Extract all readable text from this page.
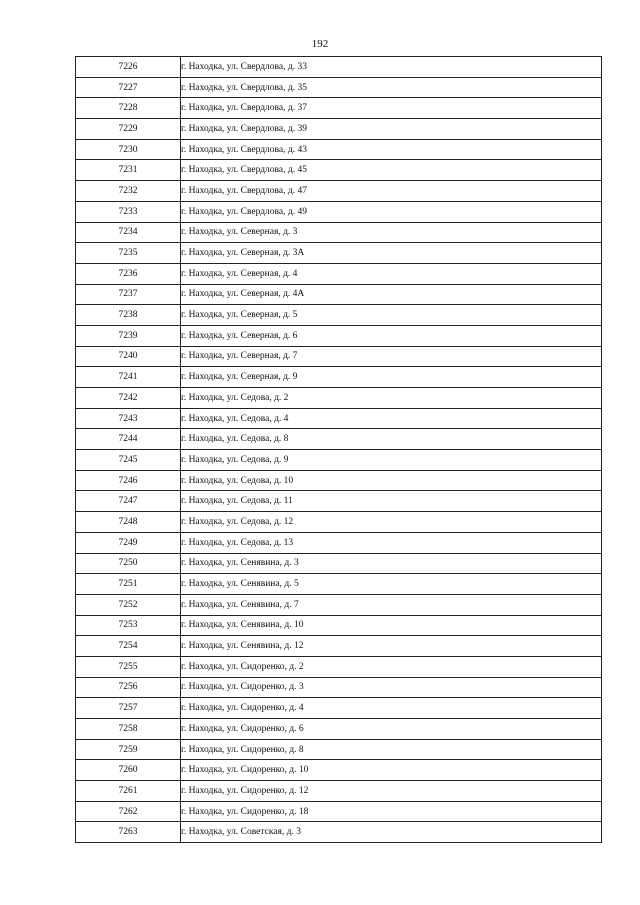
192
7226	г. Находка, ул. Свердлова, д. 33
7227	г. Находка, ул. Свердлова, д. 35
7228	г. Находка, ул. Свердлова, д. 37
7229	г. Находка, ул. Свердлова, д. 39
7230	г. Находка, ул. Свердлова, д. 43
7231	г. Находка, ул. Свердлова, д. 45
7232	г. Находка, ул. Свердлова, д. 47
7233	г. Находка, ул. Свердлова, д. 49
7234	г. Находка, ул. Северная, д. 3
7235	г. Находка, ул. Северная, д. 3А
7236	г. Находка, ул. Северная, д. 4
7237	г. Находка, ул. Северная, д. 4А
7238	г. Находка, ул. Северная, д. 5
7239	г. Находка, ул. Северная, д. 6
7240	г. Находка, ул. Северная, д. 7
7241	г. Находка, ул. Северная, д. 9
7242	г. Находка, ул. Седова, д. 2
7243	г. Находка, ул. Седова, д. 4
7244	г. Находка, ул. Седова, д. 8
7245	г. Находка, ул. Седова, д. 9
7246	г. Находка, ул. Седова, д. 10
7247	г. Находка, ул. Седова, д. 11
7248	г. Находка, ул. Седова, д. 12
7249	г. Находка, ул. Седова, д. 13
7250	г. Находка, ул. Сенявина, д. 3
7251	г. Находка, ул. Сенявина, д. 5
7252	г. Находка, ул. Сенявина, д. 7
7253	г. Находка, ул. Сенявина, д. 10
7254	г. Находка, ул. Сенявина, д. 12
7255	г. Находка, ул. Сидоренко, д. 2
7256	г. Находка, ул. Сидоренко, д. 3
7257	г. Находка, ул. Сидоренко, д. 4
7258	г. Находка, ул. Сидоренко, д. 6
7259	г. Находка, ул. Сидоренко, д. 8
7260	г. Находка, ул. Сидоренко, д. 10
7261	г. Находка, ул. Сидоренко, д. 12
7262	г. Находка, ул. Сидоренко, д. 18
7263	г. Находка, ул. Советская, д. 3
